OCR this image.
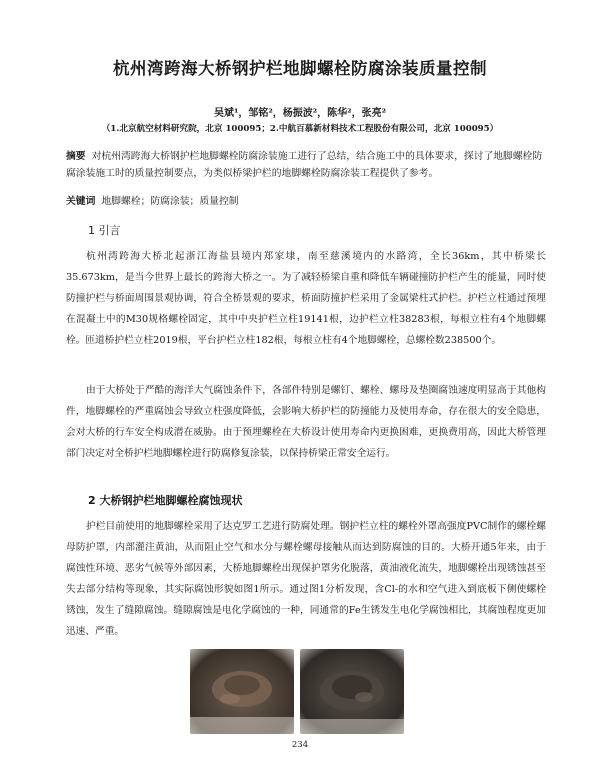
杭州湾跨海大桥钢护栏地脚螺栓防腐涂装质量控制
吴斌¹，邹铭²，杨振波²，陈华²，张亮²
（1.北京航空材料研究院，北京 100095；2.中航百慕新材料技术工程股份有限公司，北京 100095）
摘要 对杭州湾跨海大桥钢护栏地脚螺栓防腐涂装施工进行了总结，结合施工中的具体要求，探讨了地脚螺栓防腐涂装施工时的质量控制要点，为类似桥梁护栏的地脚螺栓防腐涂装工程提供了参考。
关键词 地脚螺栓；防腐涂装；质量控制
1 引言
杭州湾跨海大桥北起浙江海盐县境内郑家埭，南至慈溪境内的水路湾，全长36km，其中桥梁长35.673km，是当今世界上最长的跨海大桥之一。为了减轻桥梁自重和降低车辆碰撞防护栏产生的能量，同时使防撞护栏与桥面周围景观协调，符合全桥景观的要求，桥面防撞护栏采用了金属梁柱式护栏。护栏立柱通过预埋在混凝土中的M30规格螺栓固定，其中中央护栏立柱19141根，边护栏立柱38283根，每根立柱有4个地脚螺栓。匝道桥护栏立柱2019根，平台护栏立柱182根，每根立柱有4个地脚螺栓，总螺栓数238500个。
由于大桥处于严酷的海洋大气腐蚀条件下，各部件特别是螺钉、螺栓、螺母及垫圈腐蚀速度明显高于其他构件，地脚螺栓的严重腐蚀会导致立柱强度降低，会影响大桥护栏的防撞能力及使用寿命，存在很大的安全隐患，会对大桥的行车安全构成潜在威胁。由于预埋螺栓在大桥设计使用寿命内更换困难，更换费用高，因此大桥管理部门决定对全桥护栏地脚螺栓进行防腐修复涂装，以保持桥梁正常安全运行。
2 大桥钢护栏地脚螺栓腐蚀现状
护栏目前使用的地脚螺栓采用了达克罗工艺进行防腐处理。钢护栏立柱的螺栓外罩高强度PVC制作的螺栓螺母防护罩，内部灌注黄油，从而阻止空气和水分与螺栓螺母接触从而达到防腐蚀的目的。大桥开通5年来，由于腐蚀性环境、恶劣气候等外部因素，大桥地脚螺栓出现保护罩劣化脱落，黄油液化流失，地脚螺栓出现锈蚀甚至失去部分结构等现象，其实际腐蚀形貌如图1所示。通过图1分析发现，含Cl-的水和空气进入到底板下侧使螺栓锈蚀，发生了缝隙腐蚀。缝隙腐蚀是电化学腐蚀的一种，同通常的Fe生锈发生电化学腐蚀相比，其腐蚀程度更加迅速、严重。
234
